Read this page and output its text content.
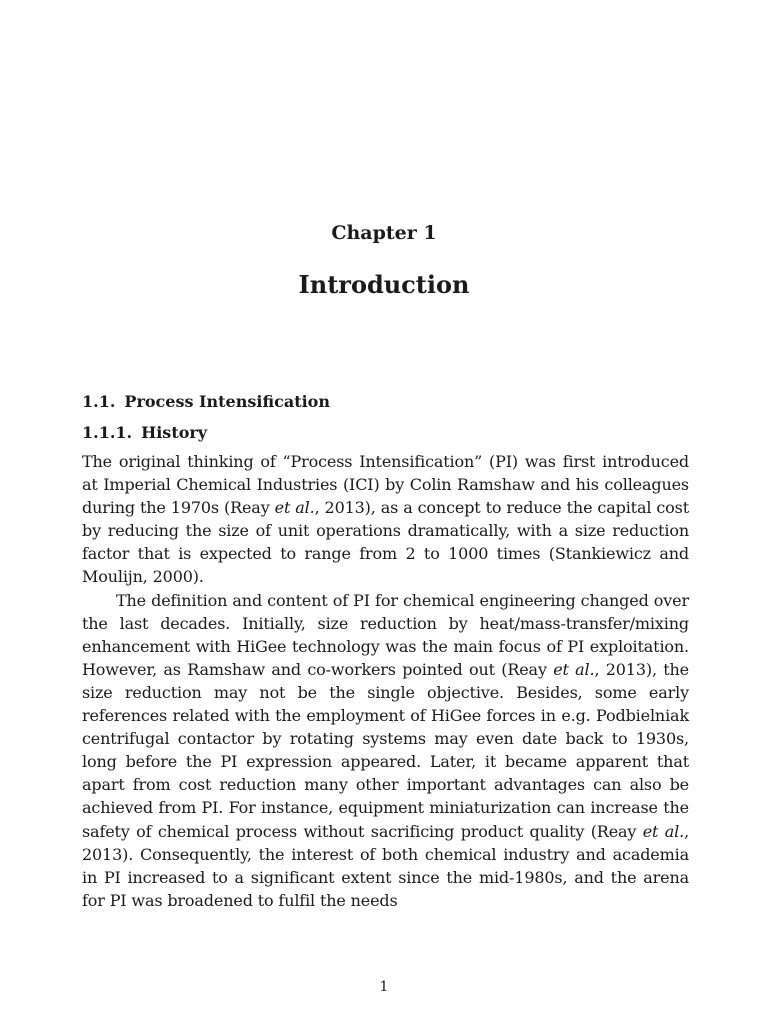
Chapter 1
Introduction
1.1. Process Intensification
1.1.1. History

The original thinking of “Process Intensification” (PI) was first introduced at Imperial Chemical Industries (ICI) by Colin Ramshaw and his colleagues during the 1970s (Reay et al., 2013), as a concept to reduce the capital cost by reducing the size of unit operations dramatically, with a size reduction factor that is expected to range from 2 to 1000 times (Stankiewicz and Moulijn, 2000).

The definition and content of PI for chemical engineering changed over the last decades. Initially, size reduction by heat/mass-transfer/mixing enhancement with HiGee technology was the main focus of PI exploitation. However, as Ramshaw and co-workers pointed out (Reay et al., 2013), the size reduction may not be the single objective. Besides, some early references related with the employment of HiGee forces in e.g. Podbielniak centrifugal contactor by rotating systems may even date back to 1930s, long before the PI expression appeared. Later, it became apparent that apart from cost reduction many other important advantages can also be achieved from PI. For instance, equipment miniaturization can increase the safety of chemical process without sacrificing product quality (Reay et al., 2013). Consequently, the interest of both chemical industry and academia in PI increased to a significant extent since the mid-1980s, and the arena for PI was broadened to fulfil the needs

1
